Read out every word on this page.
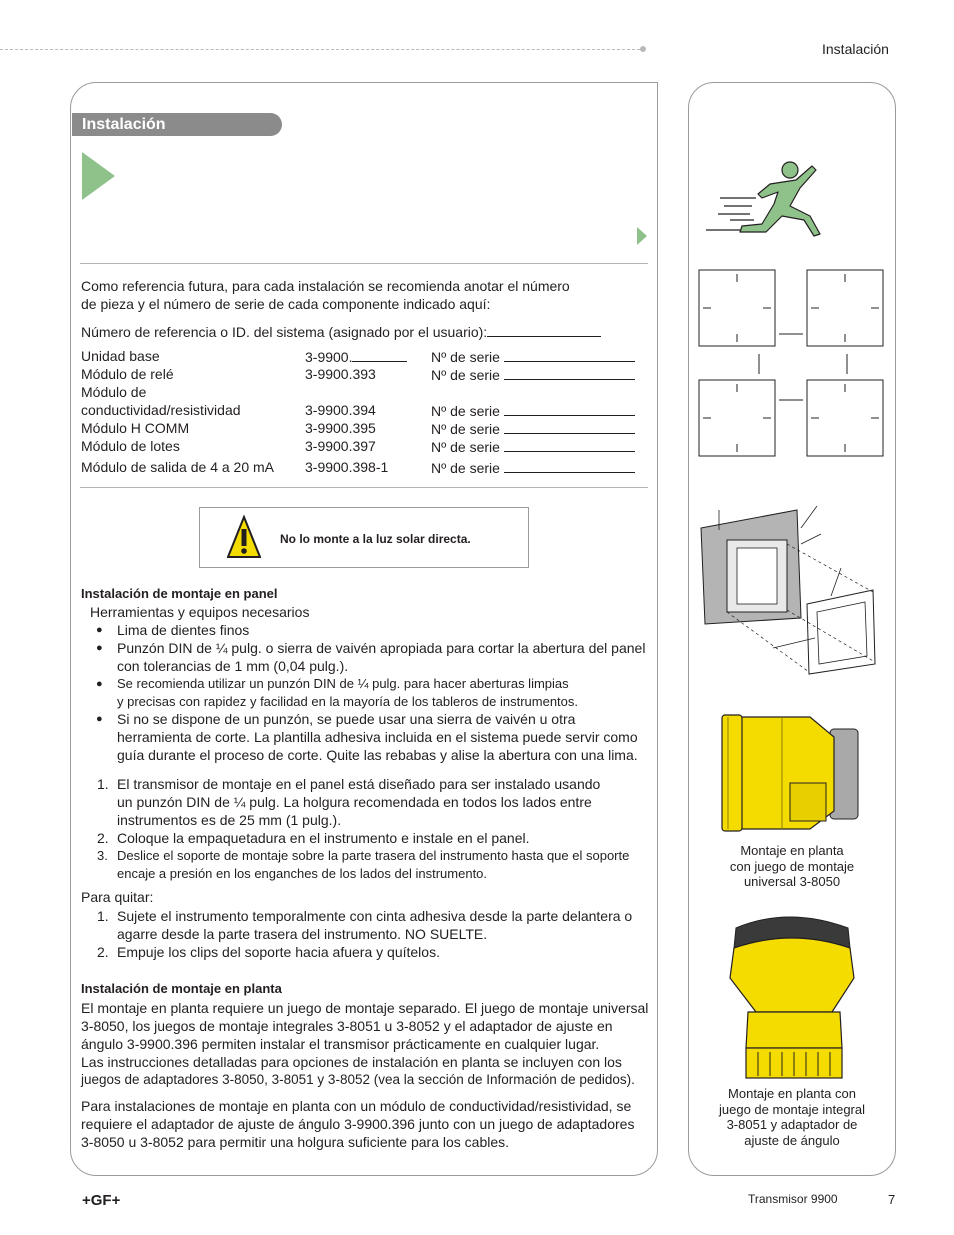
Instalación
Instalación
Como referencia futura, para cada instalación se recomienda anotar el número
de pieza y el número de serie de cada componente indicado aquí:
Número de referencia o ID. del sistema (asignado por el usuario):
Unidad base	3-9900.	Nº de serie
Módulo de relé	3-9900.393	Nº de serie
Módulo de
conductividad/resistividad	3-9900.394	Nº de serie
Módulo H COMM	3-9900.395	Nº de serie
Módulo de lotes	3-9900.397	Nº de serie
Módulo de salida de 4 a 20 mA 3-9900.398-1	Nº de serie
No lo monte a la luz solar directa.
Instalación de montaje en panel
Herramientas y equipos necesarios
● Lima de dientes finos
● Punzón DIN de ¼ pulg. o sierra de vaivén apropiada para cortar la abertura del panel
con tolerancias de 1 mm (0,04 pulg.).
● Se recomienda utilizar un punzón DIN de ¼ pulg. para hacer aberturas limpias
y precisas con rapidez y facilidad en la mayoría de los tableros de instrumentos.
● Si no se dispone de un punzón, se puede usar una sierra de vaivén u otra
herramienta de corte. La plantilla adhesiva incluida en el sistema puede servir como
guía durante el proceso de corte. Quite las rebabas y alise la abertura con una lima.
1. El transmisor de montaje en el panel está diseñado para ser instalado usando
un punzón DIN de ¼ pulg. La holgura recomendada en todos los lados entre
instrumentos es de 25 mm (1 pulg.).
2. Coloque la empaquetadura en el instrumento e instale en el panel.
3. Deslice el soporte de montaje sobre la parte trasera del instrumento hasta que el soporte
encaje a presión en los enganches de los lados del instrumento.
Para quitar:
1. Sujete el instrumento temporalmente con cinta adhesiva desde la parte delantera o
agarre desde la parte trasera del instrumento. NO SUELTE.
2. Empuje los clips del soporte hacia afuera y quítelos.
Instalación de montaje en planta
El montaje en planta requiere un juego de montaje separado. El juego de montaje universal
3-8050, los juegos de montaje integrales 3-8051 u 3-8052 y el adaptador de ajuste en
ángulo 3-9900.396 permiten instalar el transmisor prácticamente en cualquier lugar.
Las instrucciones detalladas para opciones de instalación en planta se incluyen con los
juegos de adaptadores 3-8050, 3-8051 y 3-8052 (vea la sección de Información de pedidos).
Para instalaciones de montaje en planta con un módulo de conductividad/resistividad, se
requiere el adaptador de ajuste de ángulo 3-9900.396 junto con un juego de adaptadores
3-8050 u 3-8052 para permitir una holgura suficiente para los cables.
Montaje en planta
con juego de montaje
universal 3-8050
Montaje en planta con
juego de montaje integral
3-8051 y adaptador de
ajuste de ángulo
+GF+	Transmisor 9900	7
